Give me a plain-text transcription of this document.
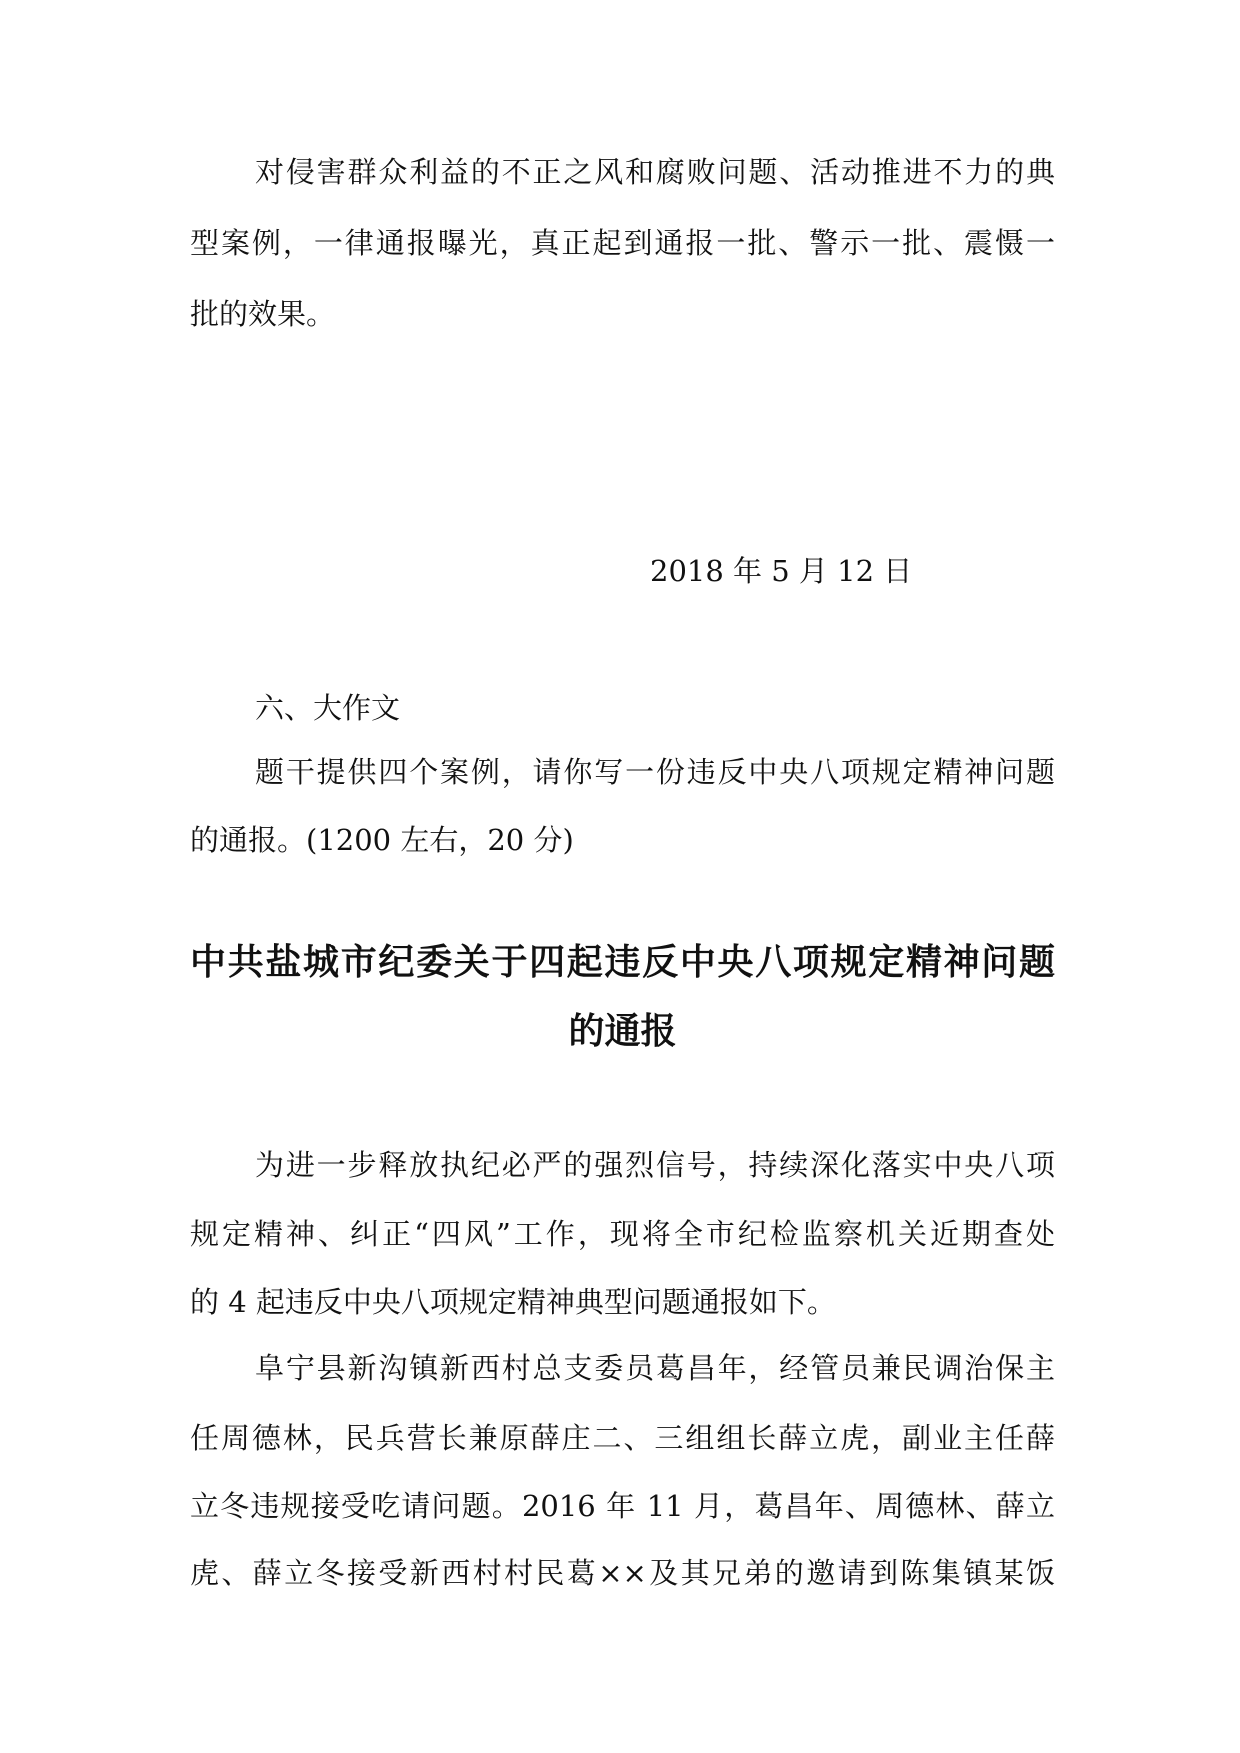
对侵害群众利益的不正之风和腐败问题、活动推进不力的典
型案例，一律通报曝光，真正起到通报一批、警示一批、震慑一
批的效果。
2018 年 5 月 12 日
六、大作文
题干提供四个案例，请你写一份违反中央八项规定精神问题
的通报。(1200 左右，20 分)
中共盐城市纪委关于四起违反中央八项规定精神问题
的通报
为进一步释放执纪必严的强烈信号，持续深化落实中央八项
规定精神、纠正“四风”工作，现将全市纪检监察机关近期查处
的 4 起违反中央八项规定精神典型问题通报如下。
阜宁县新沟镇新西村总支委员葛昌年，经管员兼民调治保主
任周德林，民兵营长兼原薛庄二、三组组长薛立虎，副业主任薛
立冬违规接受吃请问题。2016 年 11 月，葛昌年、周德林、薛立
虎、薛立冬接受新西村村民葛××及其兄弟的邀请到陈集镇某饭
